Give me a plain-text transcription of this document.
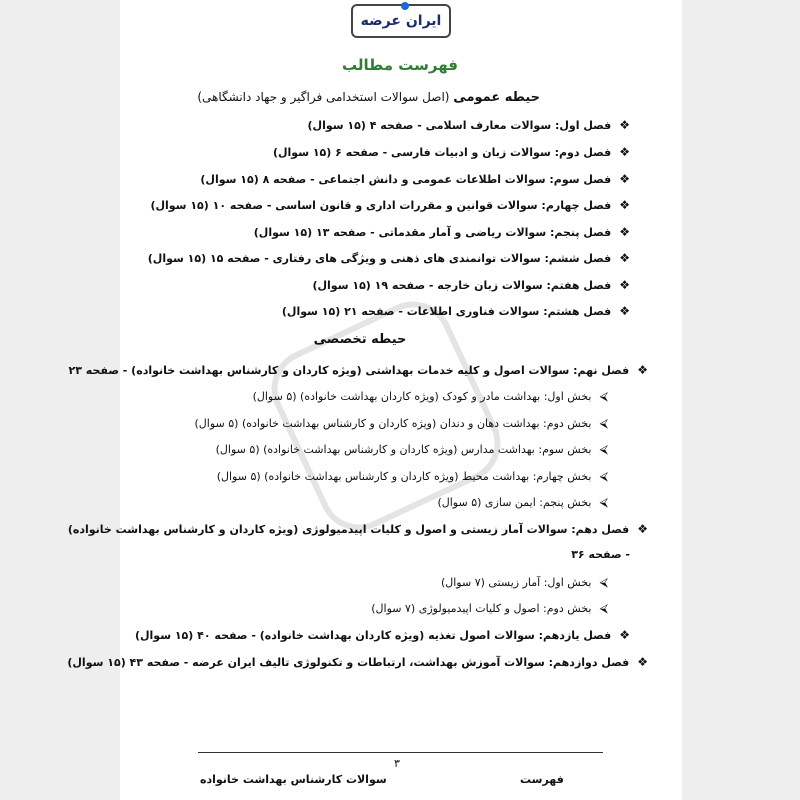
ایران عرضه
فهرست مطالب
حیطه عمومی (اصل سوالات استخدامی فراگیر و جهاد دانشگاهی)
❖فصل اول: سوالات معارف اسلامی - صفحه ۴ (۱۵ سوال)
❖فصل دوم: سوالات زبان و ادبیات فارسی - صفحه ۶ (۱۵ سوال)
❖فصل سوم: سوالات اطلاعات عمومی و دانش اجتماعی - صفحه ۸ (۱۵ سوال)
❖فصل چهارم: سوالات قوانین و مقررات اداری و قانون اساسی - صفحه ۱۰ (۱۵ سوال)
❖فصل پنجم: سوالات ریاضی و آمار مقدماتی - صفحه ۱۳ (۱۵ سوال)
❖فصل ششم: سوالات توانمندی های ذهنی و ویژگی های رفتاری - صفحه ۱۵ (۱۵ سوال)
❖فصل هفتم: سوالات زبان خارجه - صفحه ۱۹ (۱۵ سوال)
❖فصل هشتم: سوالات فناوری اطلاعات - صفحه ۲۱ (۱۵ سوال)
حیطه تخصصی
❖فصل نهم: سوالات اصول و کلیه خدمات بهداشتی (ویژه کاردان و کارشناس بهداشت خانواده) - صفحه ۲۳
⮘بخش اول: بهداشت مادر و کودک (ویژه کاردان بهداشت خانواده) (۵ سوال)
⮘بخش دوم: بهداشت دهان و دندان (ویژه کاردان و کارشناس بهداشت خانواده) (۵ سوال)
⮘بخش سوم: بهداشت مدارس (ویژه کاردان و کارشناس بهداشت خانواده) (۵ سوال)
⮘بخش چهارم: بهداشت محیط (ویژه کاردان و کارشناس بهداشت خانواده) (۵ سوال)
⮘بخش پنجم: ایمن سازی (۵ سوال)
❖فصل دهم: سوالات آمار زیستی و اصول و کلیات اپیدمیولوژی (ویژه کاردان و کارشناس بهداشت خانواده)
- صفحه ۳۶
⮘بخش اول: آمار زیستی (۷ سوال)
⮘بخش دوم: اصول و کلیات اپیدمیولوژی (۷ سوال)
❖فصل یازدهم: سوالات اصول تغذیه (ویژه کاردان بهداشت خانواده) - صفحه ۴۰ (۱۵ سوال)
❖فصل دوازدهم: سوالات آموزش بهداشت، ارتباطات و تکنولوژی تالیف ایران عرضه - صفحه ۴۳ (۱۵ سوال)
۳
سوالات کارشناس بهداشت خانواده	فهرست
